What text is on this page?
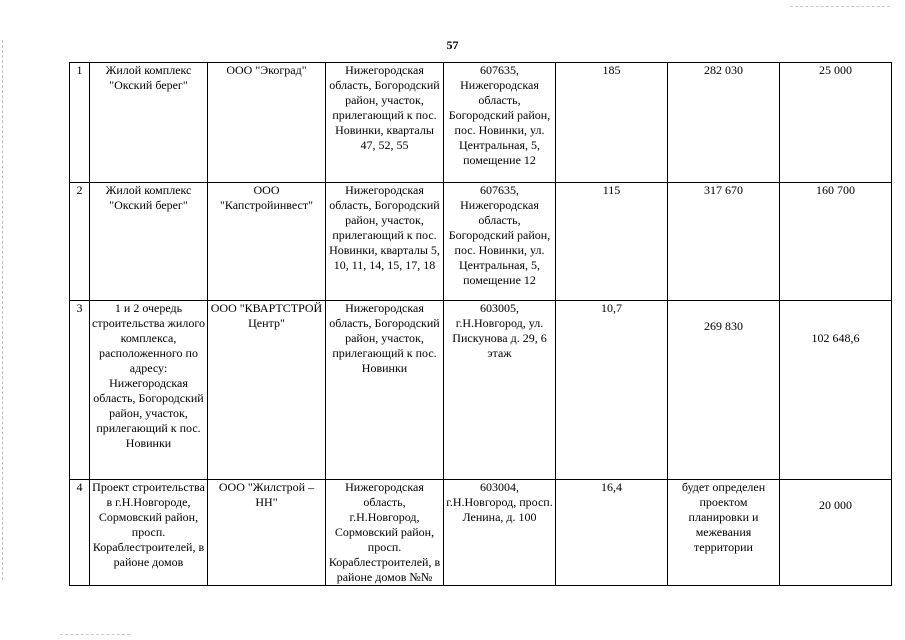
57
1	Жилой комплекс "Окский берег"	ООО "Экоград"	Нижегородская область, Богородский район, участок, прилегающий к пос. Новинки, кварталы 47, 52, 55	607635, Нижегородская область, Богородский район, пос. Новинки, ул. Центральная, 5, помещение 12	185	282 030	25 000
2	Жилой комплекс "Окский берег"	ООО "Капстройинвест"	Нижегородская область, Богородский район, участок, прилегающий к пос. Новинки, кварталы 5, 10, 11, 14, 15, 17, 18	607635, Нижегородская область, Богородский район, пос. Новинки, ул. Центральная, 5, помещение 12	115	317 670	160 700
3	1 и 2 очередь строительства жилого комплекса, расположенного по адресу: Нижегородская область, Богородский район, участок, прилегающий к пос. Новинки	ООО "КВАРТСТРОЙ Центр"	Нижегородская область, Богородский район, участок, прилегающий к пос. Новинки	603005, г.Н.Новгород, ул. Пискунова д. 29, 6 этаж	10,7	269 830	102 648,6
4	Проект строительства в г.Н.Новгороде, Сормовский район, просп. Кораблестроителей, в районе домов	ООО "Жилстрой – НН"	Нижегородская область, г.Н.Новгород, Сормовский район, просп. Кораблестроителей, в районе домов №№	603004, г.Н.Новгород, просп. Ленина, д. 100	16,4	будет определен проектом планировки и межевания территории	20 000
